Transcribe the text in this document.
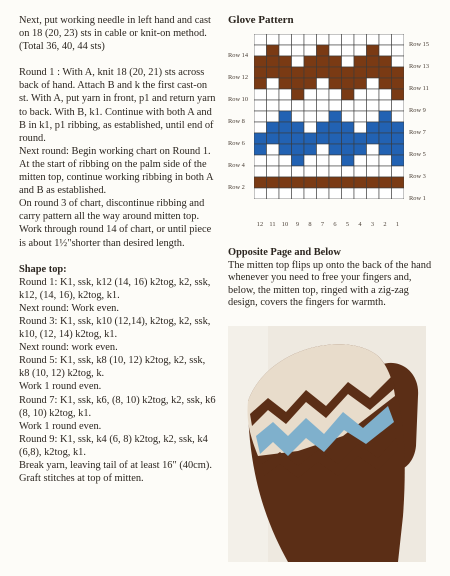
Next, put working needle in left hand and cast on 18 (20, 23) sts in cable or knit-on method. (Total 36, 40, 44 sts)

Round 1 : With A, knit 18 (20, 21) sts across back of hand. Attach B and k the first cast-on st. With A, put yarn in front, p1 and return yarn to back. With B, k1. Continue with both A and B in k1, p1 ribbing, as established, until end of round.

Next round: Begin working chart on Round 1. At the start of ribbing on the palm side of the mitten top, continue working ribbing in both A and B as established.

On round 3 of chart, discontinue ribbing and carry pattern all the way around mitten top. Work through round 14 of chart, or until piece is about 1½"shorter than desired length.

Shape top:

Round 1: K1, ssk, k12 (14, 16) k2tog, k2, ssk, k12, (14, 16), k2tog, k1.

Next round: Work even.

Round 3: K1, ssk, k10 (12,14), k2tog, k2, ssk, k10, (12, 14) k2tog, k1.

Next round: work even.

Round 5: K1, ssk, k8 (10, 12) k2tog, k2, ssk, k8 (10, 12) k2tog, k.

Work 1 round even.

Round 7: K1, ssk, k6, (8, 10) k2tog, k2, ssk, k6 (8, 10) k2tog, k1.

Work 1 round even.

Round 9: K1, ssk, k4 (6, 8) k2tog, k2, ssk, k4 (6,8), k2tog, k1.

Break yarn, leaving tail of at least 16" (40cm).

Graft stitches at top of mitten.

Glove Pattern
Row 14
Row 12
Row 10
Row 8
Row 6
Row 4
Row 2
Row 15
Row 13
Row 11
Row 9
Row 7
Row 5
Row 3
Row 1
12 11 10	9	8	7	6	5	4	3	2	1
Opposite Page and Below
The mitten top flips up onto the back of the hand whenever you need to free your fingers and, below, the mitten top, ringed with a zig-zag design, covers the fingers for warmth.
